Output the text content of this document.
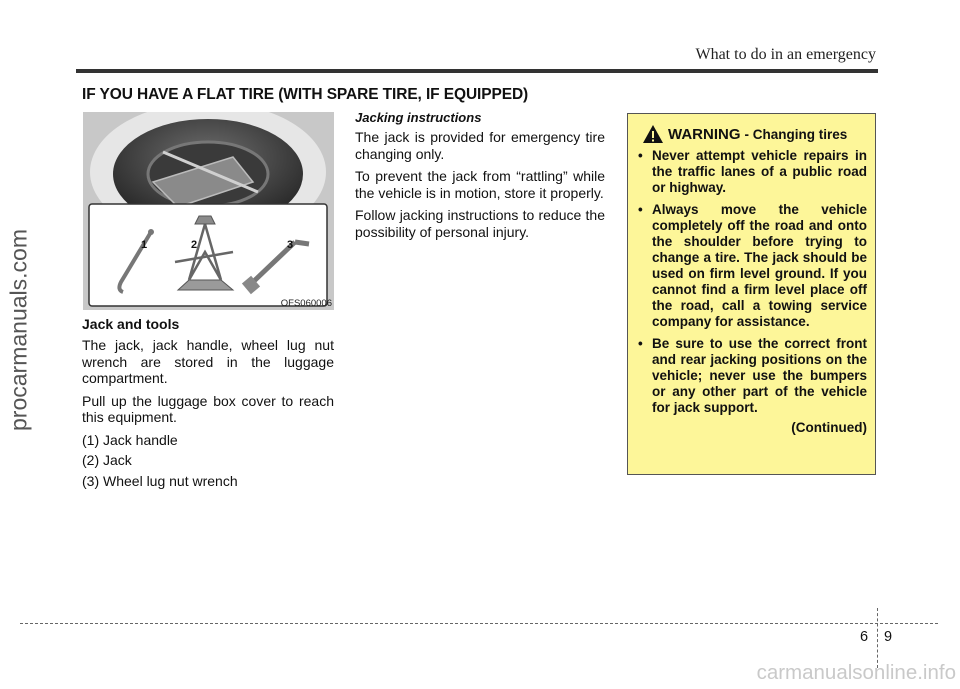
What to do in an emergency
IF YOU HAVE A FLAT TIRE (WITH SPARE TIRE, IF EQUIPPED)
1	2	3
OFS060006
Jack and tools
The jack, jack handle, wheel lug nut wrench are stored in the luggage compartment.
Pull up the luggage box cover to reach this equipment.
(1) Jack handle
(2) Jack
(3) Wheel lug nut wrench
Jacking instructions
The jack is provided for emergency tire changing only.
To prevent the jack from “rattling” while the vehicle is in motion, store it properly.
Follow jacking instructions to reduce the possibility of personal injury.
WARNING - Changing tires
• Never attempt vehicle repairs in the traffic lanes of a public road or highway.
• Always move the vehicle completely off the road and onto the shoulder before trying to change a tire. The jack should be used on firm level ground. If you cannot find a firm level place off the road, call a towing service company for assistance.
• Be sure to use the correct front and rear jacking positions on the vehicle; never use the bumpers or any other part of the vehicle for jack support.
(Continued)
6 9
procarmanuals.com
carmanualsonline.info
